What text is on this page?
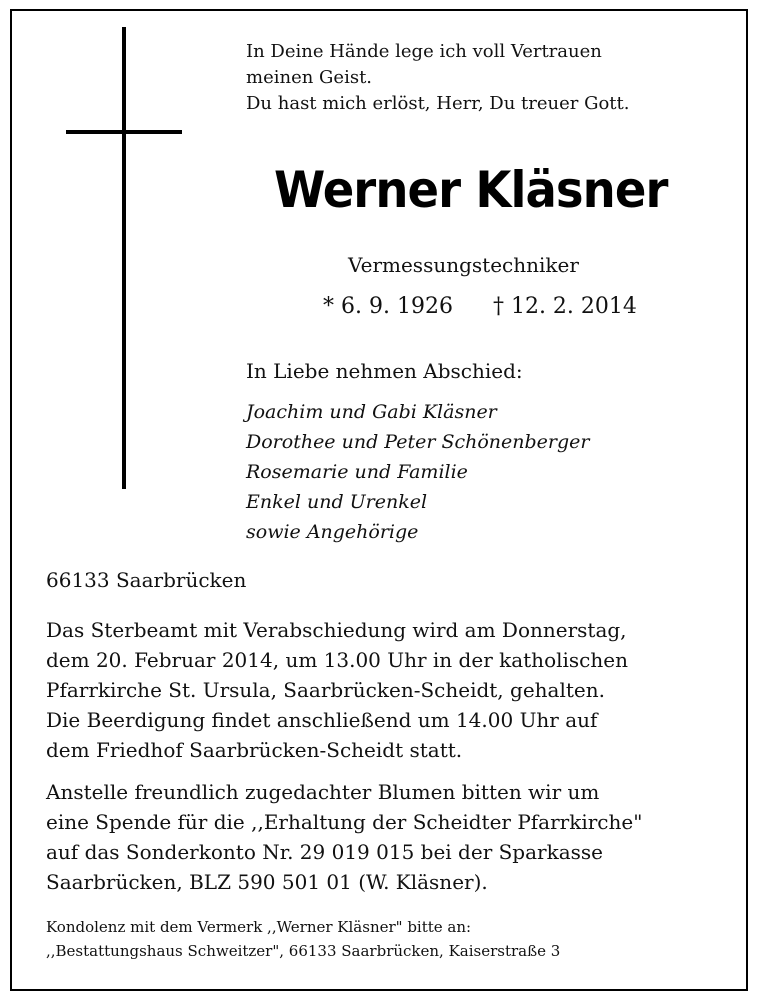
In Deine Hände lege ich voll Vertrauen
meinen Geist.
Du hast mich erlöst, Herr, Du treuer Gott.
Werner Kläsner
Vermessungstechniker
* 6. 9. 1926 † 12. 2. 2014
In Liebe nehmen Abschied:
Joachim und Gabi Kläsner
Dorothee und Peter Schönenberger
Rosemarie und Familie
Enkel und Urenkel
sowie Angehörige
66133 Saarbrücken
Das Sterbeamt mit Verabschiedung wird am Donnerstag,
dem 20. Februar 2014, um 13.00 Uhr in der katholischen
Pfarrkirche St. Ursula, Saarbrücken-Scheidt, gehalten.
Die Beerdigung findet anschließend um 14.00 Uhr auf
dem Friedhof Saarbrücken-Scheidt statt.
Anstelle freundlich zugedachter Blumen bitten wir um
eine Spende für die ,,Erhaltung der Scheidter Pfarrkirche"
auf das Sonderkonto Nr. 29 019 015 bei der Sparkasse
Saarbrücken, BLZ 590 501 01 (W. Kläsner).
Kondolenz mit dem Vermerk ,,Werner Kläsner" bitte an:
,,Bestattungshaus Schweitzer", 66133 Saarbrücken, Kaiserstraße 3
